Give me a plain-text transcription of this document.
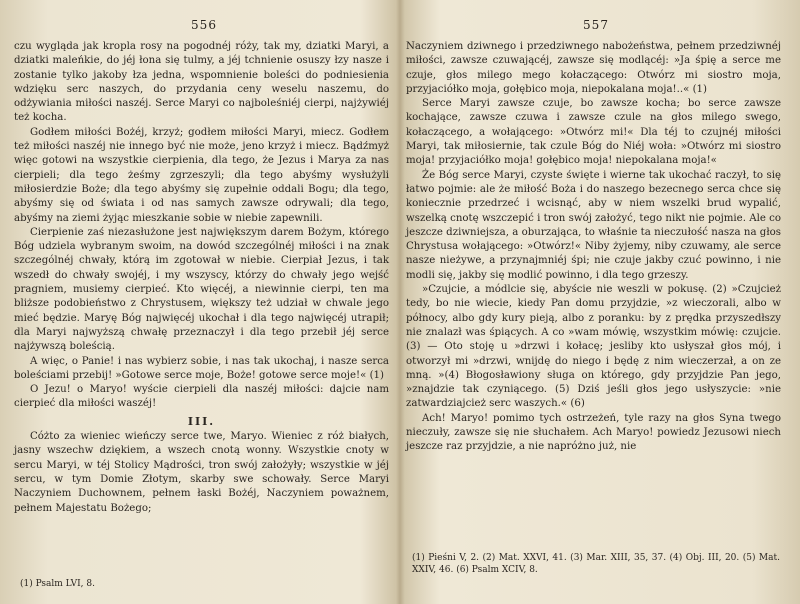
556

czu wygląda jak kropla rosy na pogodnéj róży, tak my, dziatki Maryi, a dziatki maleńkie, do jéj łona się tulmy, a jéj tchnienie osuszy łzy nasze i zostanie tylko jakoby łza jedna, wspomnienie boleści do podniesienia wdzięku serc naszych, do przydania ceny weselu naszemu, do odżywiania miłości naszéj. Serce Maryi co najboleśniéj cierpi, najżywiéj też kocha.

Godłem miłości Bożéj, krzyż; godłem miłości Maryi, miecz. Godłem też miłości naszéj nie innego być nie może, jeno krzyż i miecz. Bądźmyż więc gotowi na wszystkie cierpienia, dla tego, że Jezus i Marya za nas cierpieli; dla tego żeśmy zgrzeszyli; dla tego abyśmy wysłużyli miłosierdzie Boże; dla tego abyśmy się zupełnie oddali Bogu; dla tego, abyśmy się od świata i od nas samych zawsze odrywali; dla tego, abyśmy na ziemi żyjąc mieszkanie sobie w niebie zapewnili.

Cierpienie zaś niezasłużone jest największym darem Bożym, którego Bóg udziela wybranym swoim, na dowód szczególnéj miłości i na znak szczególnéj chwały, którą im zgotował w niebie. Cierpiał Jezus, i tak wszedł do chwały swojéj, i my wszyscy, którzy do chwały jego wejść pragniem, musiemy cierpieć. Kto więcéj, a niewinnie cierpi, ten ma bliższe podobieństwo z Chrystusem, większy też udział w chwale jego mieć będzie. Maryę Bóg najwięcéj ukochał i dla tego najwięcéj utrapił; dla Maryi najwyższą chwałę przeznaczył i dla tego przebił jéj serce najżywszą boleścią.

A więc, o Panie! i nas wybierz sobie, i nas tak ukochaj, i nasze serca boleściami przebij! »Gotowe serce moje, Boże! gotowe serce moje!« (1)

O Jezu! o Maryo! wyście cierpieli dla naszéj miłości: dajcie nam cierpieć dla miłości waszéj!

III.

Cóżto za wieniec wieńczy serce twe, Maryo. Wieniec z róż białych, jasny wszechw dziękiem, a wszech cnotą wonny. Wszystkie cnoty w sercu Maryi, w téj Stolicy Mądrości, tron swój założyły; wszystkie w jéj sercu, w tym Domie Złotym, skarby swe schowały. Serce Maryi Naczyniem Duchownem, pełnem łaski Bożéj, Naczyniem poważnem, pełnem Majestatu Bożego;

(1) Psalm LVI, 8.
557

Naczyniem dziwnego i przedziwnego nabożeństwa, pełnem przedziwnéj miłości, zawsze czuwającéj, zawsze się modlącéj: »Ja śpię a serce me czuje, głos milego mego kołaczącego: Otwórz mi siostro moja, przyjaciółko moja, gołębico moja, niepokalana moja!..« (1)

Serce Maryi zawsze czuje, bo zawsze kocha; bo serce zawsze kochające, zawsze czuwa i zawsze czule na głos milego swego, kołaczącego, a wołającego: »Otwórz mi!« Dla téj to czujnéj miłości Maryi, tak miłosiernie, tak czule Bóg do Niéj woła: »Otwórz mi siostro moja! przyjaciółko moja! gołębico moja! niepokalana moja!«

Że Bóg serce Maryi, czyste święte i wierne tak ukochać raczył, to się łatwo pojmie: ale że miłość Boża i do naszego bezecnego serca chce się koniecznie przedrzeć i wcisnąć, aby w niem wszelki brud wypalić, wszelką cnotę wszczepić i tron swój założyć, tego nikt nie pojmie. Ale co jeszcze dziwniejsza, a oburzająca, to właśnie ta nieczułość nasza na głos Chrystusa wołającego: »Otwórz!« Niby żyjemy, niby czuwamy, ale serce nasze nieżywe, a przynajmniéj śpi; nie czuje jakby czuć powinno, i nie modli się, jakby się modlić powinno, i dla tego grzeszy.

»Czujcie, a módlcie się, abyście nie weszli w pokusę. (2) »Czujcież tedy, bo nie wiecie, kiedy Pan domu przyjdzie, »z wieczorali, albo w północy, albo gdy kury pieją, albo z poranku: by z prędka przyszedłszy nie znalazł was śpiących. A co »wam mówię, wszystkim mówię: czujcie. (3) — Oto stoję u »drzwi i kołacę; jesliby kto usłyszał głos mój, i otworzył mi »drzwi, wnijdę do niego i będę z nim wieczerzał, a on ze mną. »(4) Błogosławiony sługa on którego, gdy przyjdzie Pan jego, »znajdzie tak czyniącego. (5) Dziś jeśli głos jego usłyszycie: »nie zatwardziajcież serc waszych.« (6)

Ach! Maryo! pomimo tych ostrzeżeń, tyle razy na głos Syna twego nieczuły, zawsze się nie słuchałem. Ach Maryo! powiedz Jezusowi niech jeszcze raz przyjdzie, a nie napróżno już, nie

(1) Pieśni V, 2. (2) Mat. XXVI, 41. (3) Mar. XIII, 35, 37. (4) Obj. III, 20. (5) Mat. XXIV, 46. (6) Psalm XCIV, 8.
